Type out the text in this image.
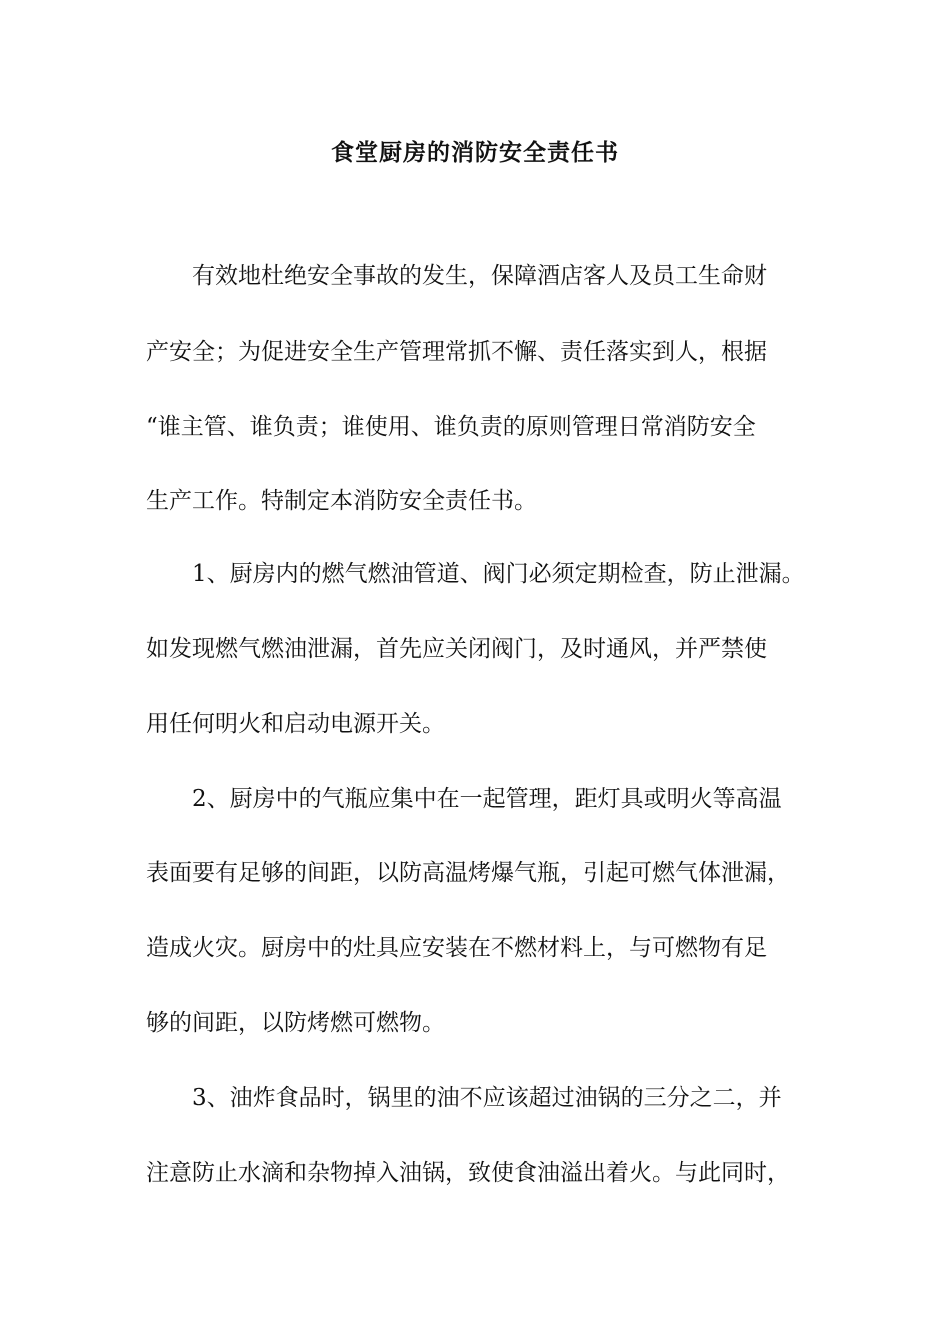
食堂厨房的消防安全责任书

有效地杜绝安全事故的发生，保障酒店客人及员工生命财

产安全；为促进安全生产管理常抓不懈、责任落实到人，根据

“谁主管、谁负责；谁使用、谁负责的原则管理日常消防安全

生产工作。特制定本消防安全责任书。

1、厨房内的燃气燃油管道、阀门必须定期检查，防止泄漏。

如发现燃气燃油泄漏，首先应关闭阀门，及时通风，并严禁使

用任何明火和启动电源开关。

2、厨房中的气瓶应集中在一起管理，距灯具或明火等高温

表面要有足够的间距，以防高温烤爆气瓶，引起可燃气体泄漏，

造成火灾。厨房中的灶具应安装在不燃材料上，与可燃物有足

够的间距，以防烤燃可燃物。

3、油炸食品时，锅里的油不应该超过油锅的三分之二，并

注意防止水滴和杂物掉入油锅，致使食油溢出着火。与此同时，
